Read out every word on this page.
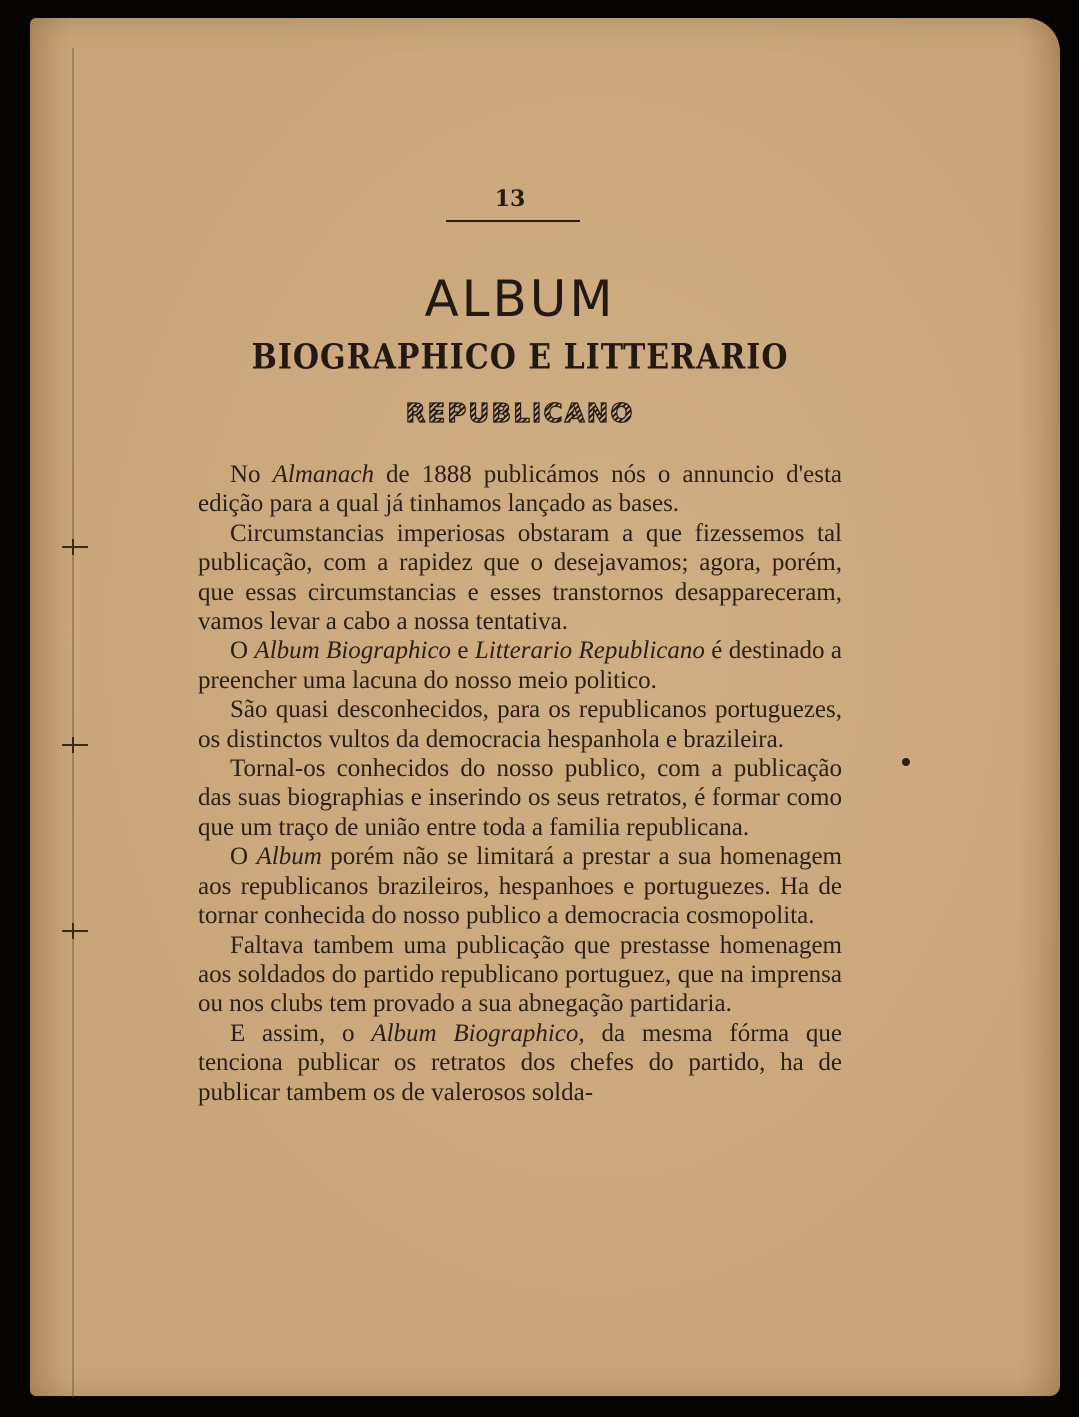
13
ALBUM
BIOGRAPHICO E LITTERARIO
REPUBLICANO

No Almanach de 1888 publicámos nós o annuncio d'esta edição para a qual já tinhamos lançado as bases.

Circumstancias imperiosas obstaram a que fizessemos tal publicação, com a rapidez que o desejavamos; agora, porém, que essas circumstancias e esses transtornos desappareceram, vamos levar a cabo a nossa tentativa.

O Album Biographico e Litterario Republicano é destinado a preencher uma lacuna do nosso meio politico.

São quasi desconhecidos, para os republicanos portuguezes, os distinctos vultos da democracia hespanhola e brazileira.

Tornal-os conhecidos do nosso publico, com a publicação das suas biographias e inserindo os seus retratos, é formar como que um traço de união entre toda a familia republicana.

O Album porém não se limitará a prestar a sua homenagem aos republicanos brazileiros, hespanhoes e portuguezes. Ha de tornar conhecida do nosso publico a democracia cosmopolita.

Faltava tambem uma publicação que prestasse homenagem aos soldados do partido republicano portuguez, que na imprensa ou nos clubs tem provado a sua abnegação partidaria.

E assim, o Album Biographico, da mesma fórma que tenciona publicar os retratos dos chefes do partido, ha de publicar tambem os de valerosos solda-
